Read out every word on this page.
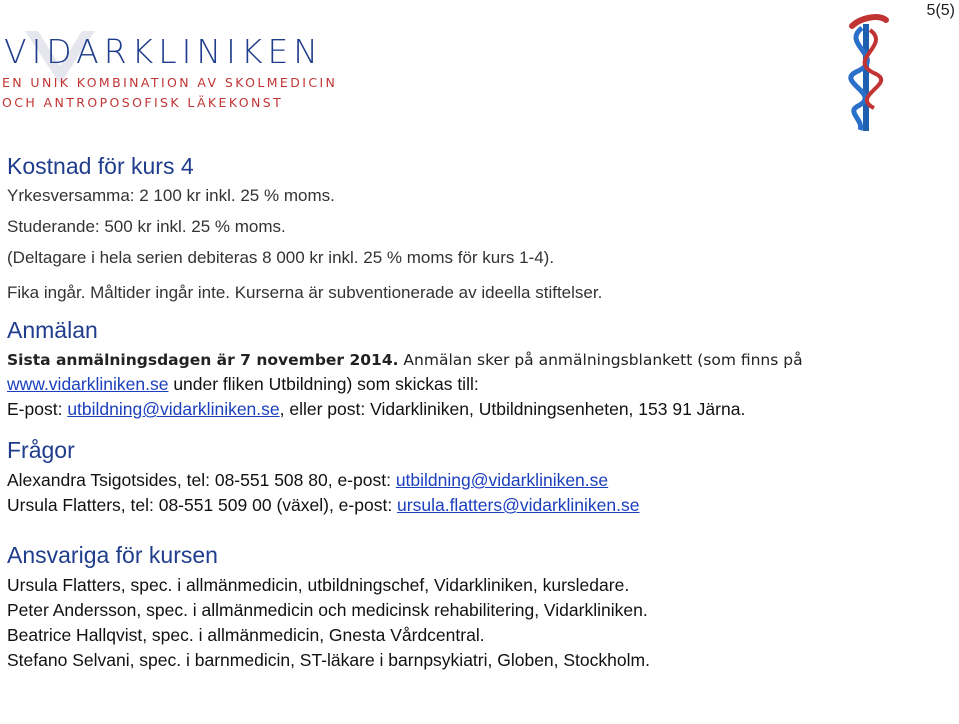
5(5)
VIDARKLINIKEN
EN UNIK KOMBINATION AV SKOLMEDICIN
OCH ANTROPOSOFISK LÄKEKONST
Kostnad för kurs 4
Yrkesversamma: 2 100 kr inkl. 25 % moms.
Studerande: 500 kr inkl. 25 % moms.
(Deltagare i hela serien debiteras 8 000 kr inkl. 25 % moms för kurs 1-4).
Fika ingår. Måltider ingår inte. Kurserna är subventionerade av ideella stiftelser.
Anmälan
Sista anmälningsdagen är 7 november 2014. Anmälan sker på anmälningsblankett (som finns på
www.vidarkliniken.se under fliken Utbildning) som skickas till:
E-post: utbildning@vidarkliniken.se, eller post: Vidarkliniken, Utbildningsenheten, 153 91 Järna.
Frågor
Alexandra Tsigotsides, tel: 08-551 508 80, e-post: utbildning@vidarkliniken.se
Ursula Flatters, tel: 08-551 509 00 (växel), e-post: ursula.flatters@vidarkliniken.se
Ansvariga för kursen
Ursula Flatters, spec. i allmänmedicin, utbildningschef, Vidarkliniken, kursledare.
Peter Andersson, spec. i allmänmedicin och medicinsk rehabilitering, Vidarkliniken.
Beatrice Hallqvist, spec. i allmänmedicin, Gnesta Vårdcentral.
Stefano Selvani, spec. i barnmedicin, ST-läkare i barnpsykiatri, Globen, Stockholm.
